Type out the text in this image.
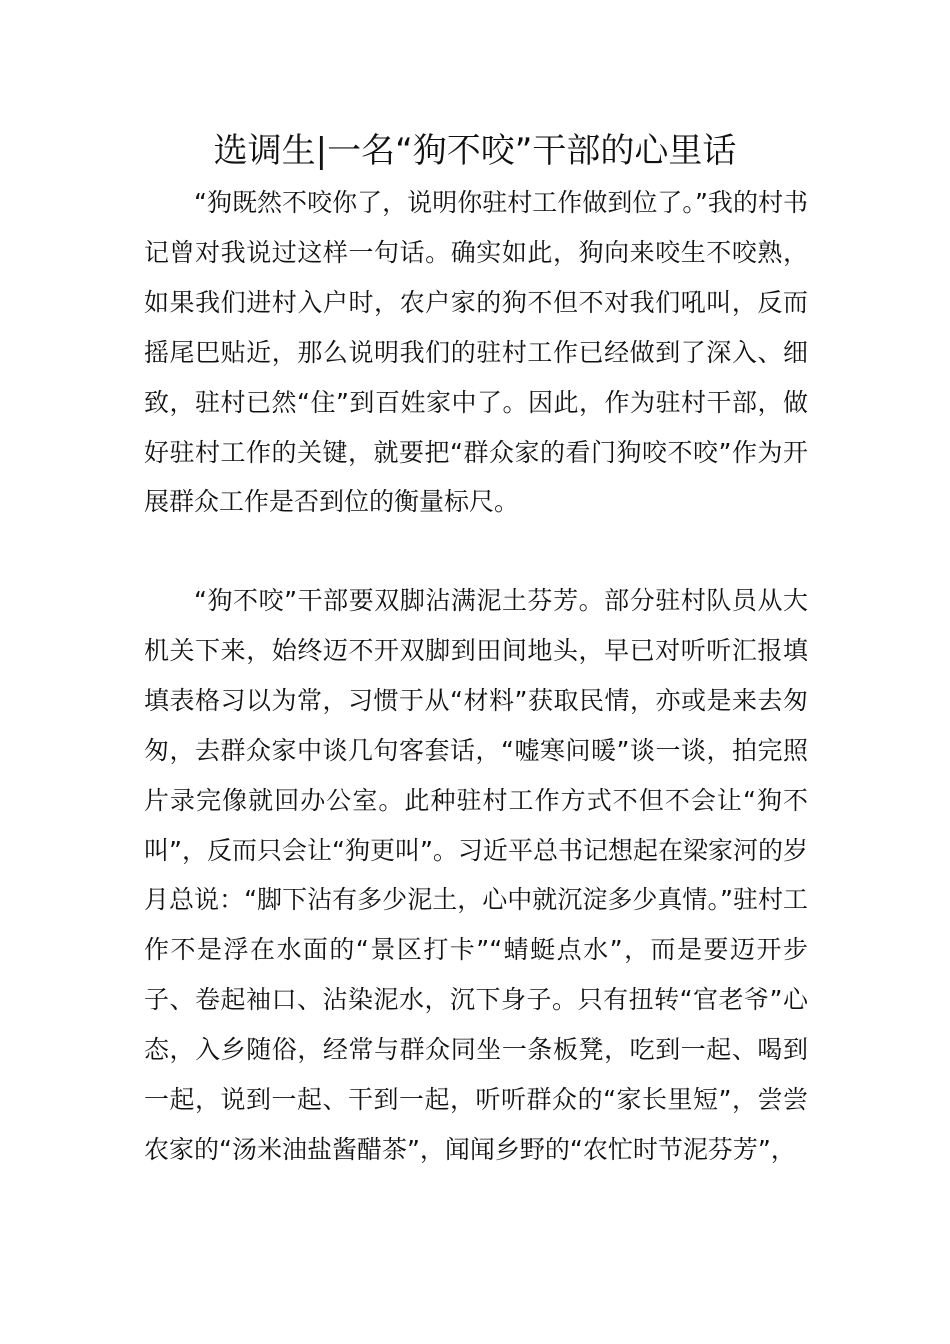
选调生|一名“狗不咬”干部的心里话

“狗既然不咬你了，说明你驻村工作做到位了。”我的村书记曾对我说过这样一句话。确实如此，狗向来咬生不咬熟，如果我们进村入户时，农户家的狗不但不对我们吼叫，反而摇尾巴贴近，那么说明我们的驻村工作已经做到了深入、细致，驻村已然“住”到百姓家中了。因此，作为驻村干部，做好驻村工作的关键，就要把“群众家的看门狗咬不咬”作为开展群众工作是否到位的衡量标尺。

“狗不咬”干部要双脚沾满泥土芬芳。部分驻村队员从大机关下来，始终迈不开双脚到田间地头，早已对听听汇报填填表格习以为常，习惯于从“材料”获取民情，亦或是来去匆匆，去群众家中谈几句客套话，“嘘寒问暖”谈一谈，拍完照片录完像就回办公室。此种驻村工作方式不但不会让“狗不叫”，反而只会让“狗更叫”。习近平总书记想起在梁家河的岁月总说：“脚下沾有多少泥土，心中就沉淀多少真情。”驻村工作不是浮在水面的“景区打卡”“蜻蜓点水”，而是要迈开步子、卷起袖口、沾染泥水，沉下身子。只有扭转“官老爷”心态，入乡随俗，经常与群众同坐一条板凳，吃到一起、喝到一起，说到一起、干到一起，听听群众的“家长里短”，尝尝农家的“汤米油盐酱醋茶”，闻闻乡野的“农忙时节泥芬芳”，
